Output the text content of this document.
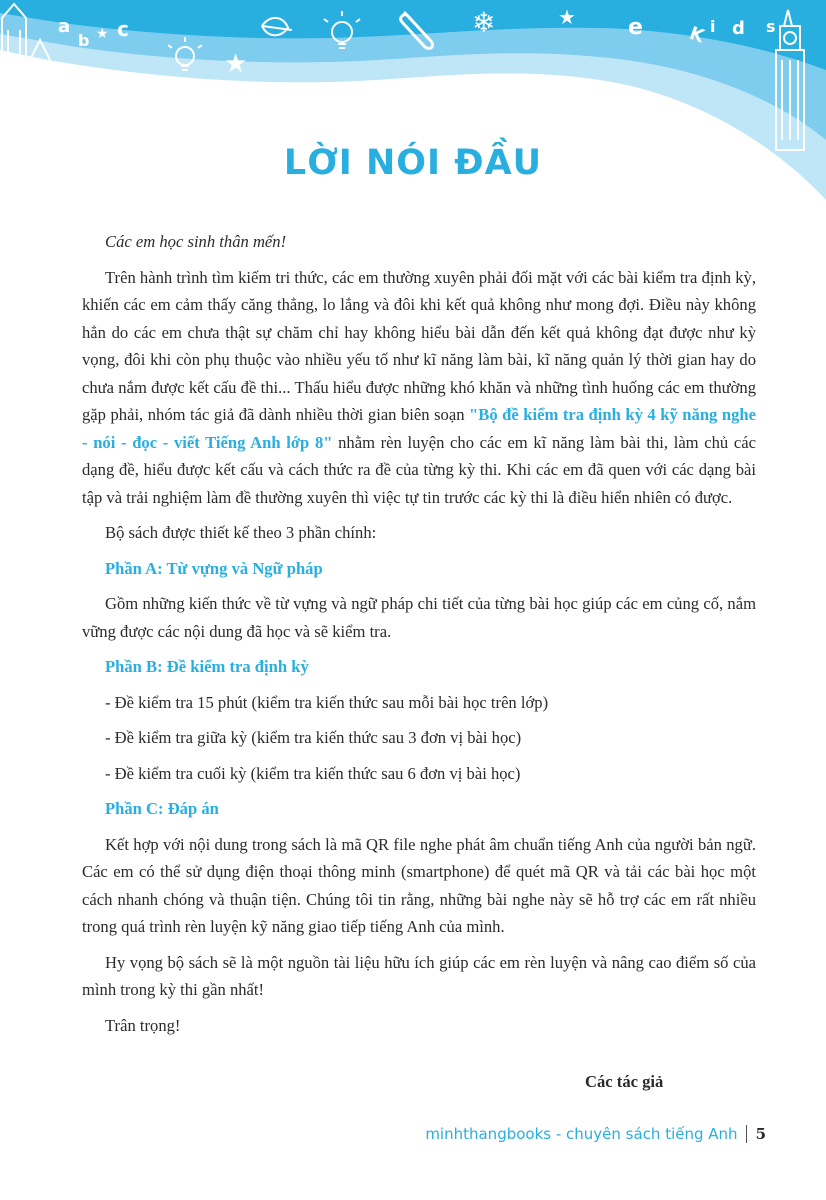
a
b ★ c	e K i d s
★
❄	★
LỜI NÓI ĐẦU

Các em học sinh thân mến!

Trên hành trình tìm kiếm tri thức, các em thường xuyên phải đối mặt với các bài kiểm tra định kỳ, khiến các em cảm thấy căng thẳng, lo lắng và đôi khi kết quả không như mong đợi. Điều này không hẳn do các em chưa thật sự chăm chỉ hay không hiểu bài dẫn đến kết quả không đạt được như kỳ vọng, đôi khi còn phụ thuộc vào nhiều yếu tố như kĩ năng làm bài, kĩ năng quản lý thời gian hay do chưa nắm được kết cấu đề thi... Thấu hiểu được những khó khăn và những tình huống các em thường gặp phải, nhóm tác giả đã dành nhiều thời gian biên soạn "Bộ đề kiểm tra định kỳ 4 kỹ năng nghe - nói - đọc - viết Tiếng Anh lớp 8" nhằm rèn luyện cho các em kĩ năng làm bài thi, làm chủ các dạng đề, hiểu được kết cấu và cách thức ra đề của từng kỳ thi. Khi các em đã quen với các dạng bài tập và trải nghiệm làm đề thường xuyên thì việc tự tin trước các kỳ thi là điều hiển nhiên có được.

Bộ sách được thiết kế theo 3 phần chính:

Phần A: Từ vựng và Ngữ pháp

Gồm những kiến thức về từ vựng và ngữ pháp chi tiết của từng bài học giúp các em củng cố, nắm vững được các nội dung đã học và sẽ kiểm tra.

Phần B: Đề kiểm tra định kỳ

- Đề kiểm tra 15 phút (kiểm tra kiến thức sau mỗi bài học trên lớp)

- Đề kiểm tra giữa kỳ (kiểm tra kiến thức sau 3 đơn vị bài học)

- Đề kiểm tra cuối kỳ (kiểm tra kiến thức sau 6 đơn vị bài học)

Phần C: Đáp án

Kết hợp với nội dung trong sách là mã QR file nghe phát âm chuẩn tiếng Anh của người bản ngữ. Các em có thể sử dụng điện thoại thông minh (smartphone) để quét mã QR và tải các bài học một cách nhanh chóng và thuận tiện. Chúng tôi tin rằng, những bài nghe này sẽ hỗ trợ các em rất nhiều trong quá trình rèn luyện kỹ năng giao tiếp tiếng Anh của mình.

Hy vọng bộ sách sẽ là một nguồn tài liệu hữu ích giúp các em rèn luyện và nâng cao điểm số của mình trong kỳ thi gần nhất!

Trân trọng!

Các tác giả
minhthangbooks - chuyên sách tiếng Anh 5
